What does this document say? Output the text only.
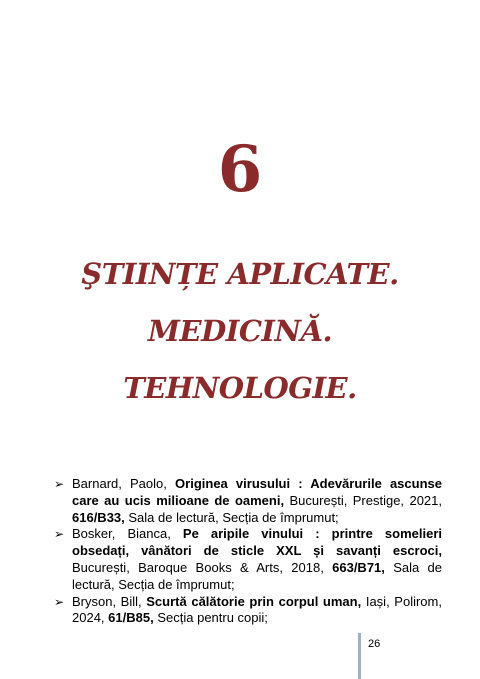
6
ŞTIINȚE APLICATE.
MEDICINĂ.
TEHNOLOGIE.
➢ Barnard, Paolo, Originea virusului : Adevărurile ascunse care au ucis milioane de oameni, București, Prestige, 2021, 616/B33, Sala de lectură, Secția de împrumut;
➢ Bosker, Bianca, Pe aripile vinului : printre somelieri obsedați, vânători de sticle XXL și savanți escroci, București, Baroque Books & Arts, 2018, 663/B71, Sala de lectură, Secția de împrumut;
➢ Bryson, Bill, Scurtă călătorie prin corpul uman, Iași, Polirom, 2024, 61/B85, Secția pentru copii;
26
